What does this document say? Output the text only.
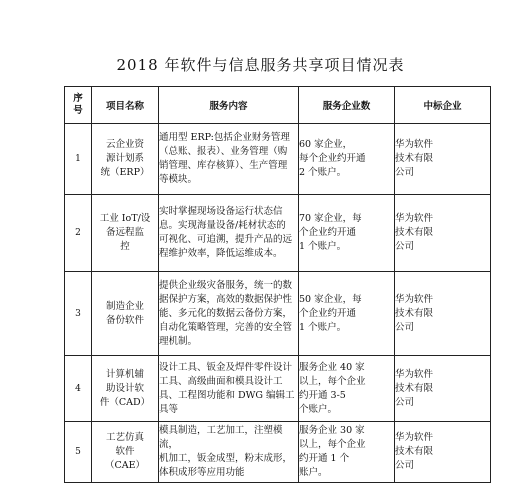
2018 年软件与信息服务共享项目情况表
序
号	项目名称	服务内容	服务企业数	中标企业
1	云企业资
源计划系
统（ERP）	通用型 ERP:包括企业财务管理
（总账、报表）、业务管理（购
销管理、库存核算）、生产管理
等模块。	60 家企业，
每个企业约开通
2 个账户。	华为软件
技术有限
公司

2	工业 IoT/设
备远程监
控	实时掌握现场设备运行状态信
息。实现海量设备/耗材状态的
可视化、可追溯，提升产品的远
程维护效率，降低运维成本。	70 家企业，每
个企业约开通
1 个账户。	华为软件
技术有限
公司

3	制造企业
备份软件	提供企业级灾备服务，统一的数
据保护方案，高效的数据保护性
能、多元化的数据云备份方案，
自动化策略管理，完善的安全管
理机制。	50 家企业，每
个企业约开通
1 个账户。	华为软件
技术有限
公司

4	计算机辅
助设计软
件（CAD）	设计工具、钣金及焊件零件设计
工具、高级曲面和模具设计工
具、工程图功能和 DWG 编辑工
具等	服务企业 40 家
以上，每个企业
约开通 3-5
个账户。	华为软件
技术有限
公司

5	工艺仿真
软件
（CAE）	模具制造，工艺加工，注塑模流，
机加工，钣金成型，粉末成形，
体积成形等应用功能	服务企业 30 家
以上，每个企业
约开通 1 个
账户。	华为软件
技术有限
公司
